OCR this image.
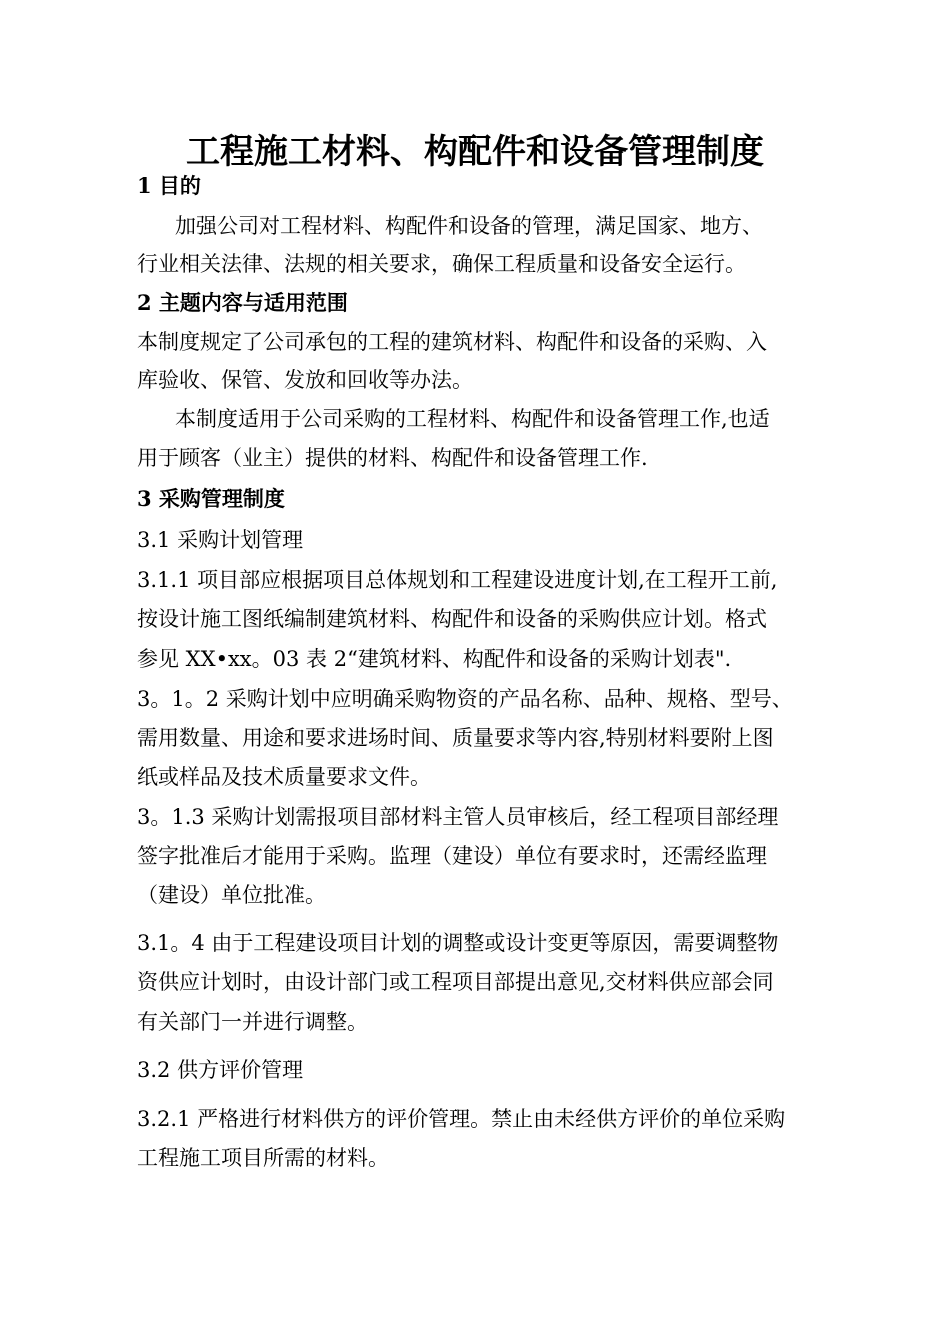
工程施工材料、构配件和设备管理制度
1 目的
加强公司对工程材料、构配件和设备的管理，满足国家、地方、
行业相关法律、法规的相关要求，确保工程质量和设备安全运行。
2 主题内容与适用范围
本制度规定了公司承包的工程的建筑材料、构配件和设备的采购、入
库验收、保管、发放和回收等办法。
本制度适用于公司采购的工程材料、构配件和设备管理工作,也适
用于顾客（业主）提供的材料、构配件和设备管理工作.
3 采购管理制度
3.1 采购计划管理
3.1.1 项目部应根据项目总体规划和工程建设进度计划,在工程开工前,
按设计施工图纸编制建筑材料、构配件和设备的采购供应计划。格式
参见 XX•xx。03 表 2“建筑材料、构配件和设备的采购计划表".
3。1。2 采购计划中应明确采购物资的产品名称、品种、规格、型号、
需用数量、用途和要求进场时间、质量要求等内容,特别材料要附上图
纸或样品及技术质量要求文件。
3。1.3 采购计划需报项目部材料主管人员审核后，经工程项目部经理
签字批准后才能用于采购。监理（建设）单位有要求时，还需经监理
（建设）单位批准。
3.1。4 由于工程建设项目计划的调整或设计变更等原因，需要调整物
资供应计划时，由设计部门或工程项目部提出意见,交材料供应部会同
有关部门一并进行调整。
3.2 供方评价管理
3.2.1 严格进行材料供方的评价管理。禁止由未经供方评价的单位采购
工程施工项目所需的材料。
